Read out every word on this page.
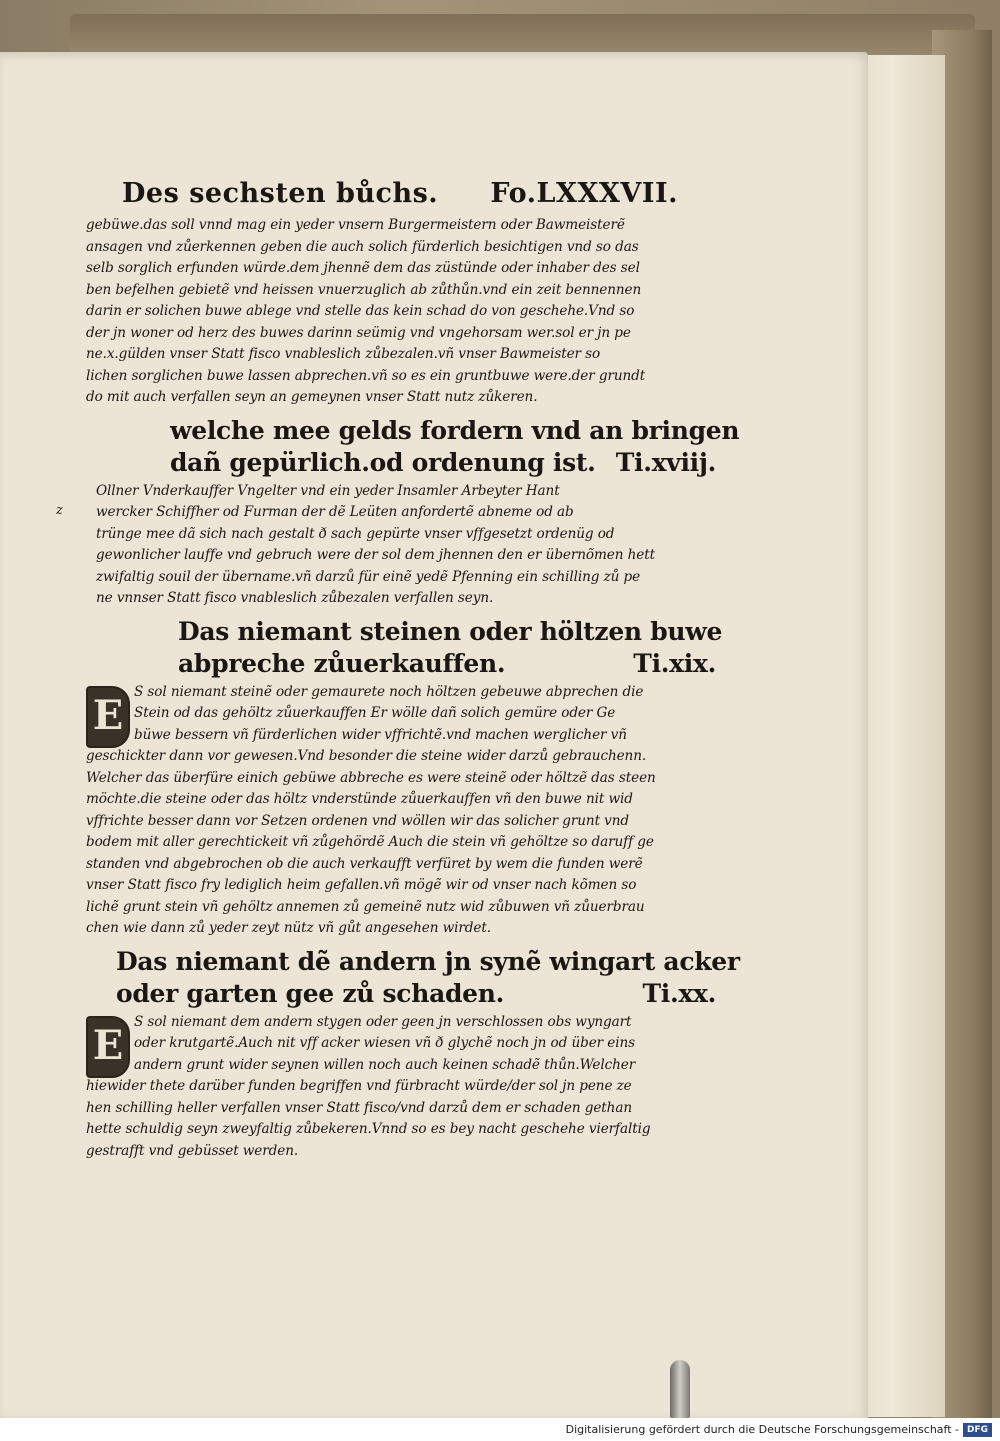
Des sechsten bůchs. Fo.LXXXVII.
gebüwe.das soll vnnd mag ein yeder vnsern Burgermeistern oder Bawmeisterẽ
ansagen vnd zůerkennen geben die auch solich fürderlich besichtigen vnd so das
selb sorglich erfunden würde.dem jhennẽ dem das züstünde oder inhaber des sel
ben befelhen gebietẽ vnd heissen vnuerzuglich ab zůthůn.vnd ein zeit bennennen
darin er solichen buwe ablege vnd stelle das kein schad do von geschehe.Vnd so
der jn woner od herz des buwes darinn seümig vnd vngehorsam wer.sol er jn pe
ne.x.gülden vnser Statt fisco vnableslich zůbezalen.vñ vnser Bawmeister so
lichen sorglichen buwe lassen abprechen.vñ so es ein gruntbuwe were.der grundt
do mit auch verfallen seyn an gemeynen vnser Statt nutz zůkeren.
welche mee gelds fordern vnd an bringen
dañ gepürlich.od ordenung ist. Ti.xviij.
z
Ollner Vnderkauffer Vngelter vnd ein yeder Insamler Arbeyter Hant
wercker Schiffher od Furman der dẽ Leüten anfordertẽ abneme od ab
trünge mee dã sich nach gestalt ð sach gepürte vnser vffgesetzt ordenüg od
gewonlicher lauffe vnd gebruch were der sol dem jhennen den er übernõmen hett
zwifaltig souil der übername.vñ darzů für einẽ yedẽ Pfenning ein schilling zů pe
ne vnnser Statt fisco vnableslich zůbezalen verfallen seyn.
Das niemant steinen oder höltzen buwe
abpreche zůuerkauffen.	Ti.xix.
E S sol niemant steinẽ oder gemaurete noch höltzen gebeuwe abprechen die
Stein od das gehöltz zůuerkauffen Er wölle dañ solich gemüre oder Ge
büwe bessern vñ fürderlichen wider vffrichtẽ.vnd machen werglicher vñ
geschickter dann vor gewesen.Vnd besonder die steine wider darzů gebrauchenn.
Welcher das überfüre einich gebüwe abbreche es were steinẽ oder höltzẽ das steen
möchte.die steine oder das höltz vnderstünde zůuerkauffen vñ den buwe nit wid
vffrichte besser dann vor Setzen ordenen vnd wöllen wir das solicher grunt vnd
bodem mit aller gerechtickeit vñ zůgehördẽ Auch die stein vñ gehöltze so daruff ge
standen vnd abgebrochen ob die auch verkaufft verfüret by wem die funden werẽ
vnser Statt fisco fry lediglich heim gefallen.vñ mögẽ wir od vnser nach kõmen so
lichẽ grunt stein vñ gehöltz annemen zů gemeinẽ nutz wid zůbuwen vñ zůuerbrau
chen wie dann zů yeder zeyt nütz vñ gůt angesehen wirdet.
Das niemant dẽ andern jn synẽ wingart acker
oder garten gee zů schaden.	Ti.xx.
E S sol niemant dem andern stygen oder geen jn verschlossen obs wyngart
oder krutgartẽ.Auch nit vff acker wiesen vñ ð glychẽ noch jn od über eins
andern grunt wider seynen willen noch auch keinen schadẽ thůn.Welcher
hiewider thete darüber funden begriffen vnd fürbracht würde/der sol jn pene ze
hen schilling heller verfallen vnser Statt fisco/vnd darzů dem er schaden gethan
hette schuldig seyn zweyfaltig zůbekeren.Vnnd so es bey nacht geschehe vierfaltig
gestrafft vnd gebüsset werden.
Digitalisierung gefördert durch die Deutsche Forschungsgemeinschaft - DFG
